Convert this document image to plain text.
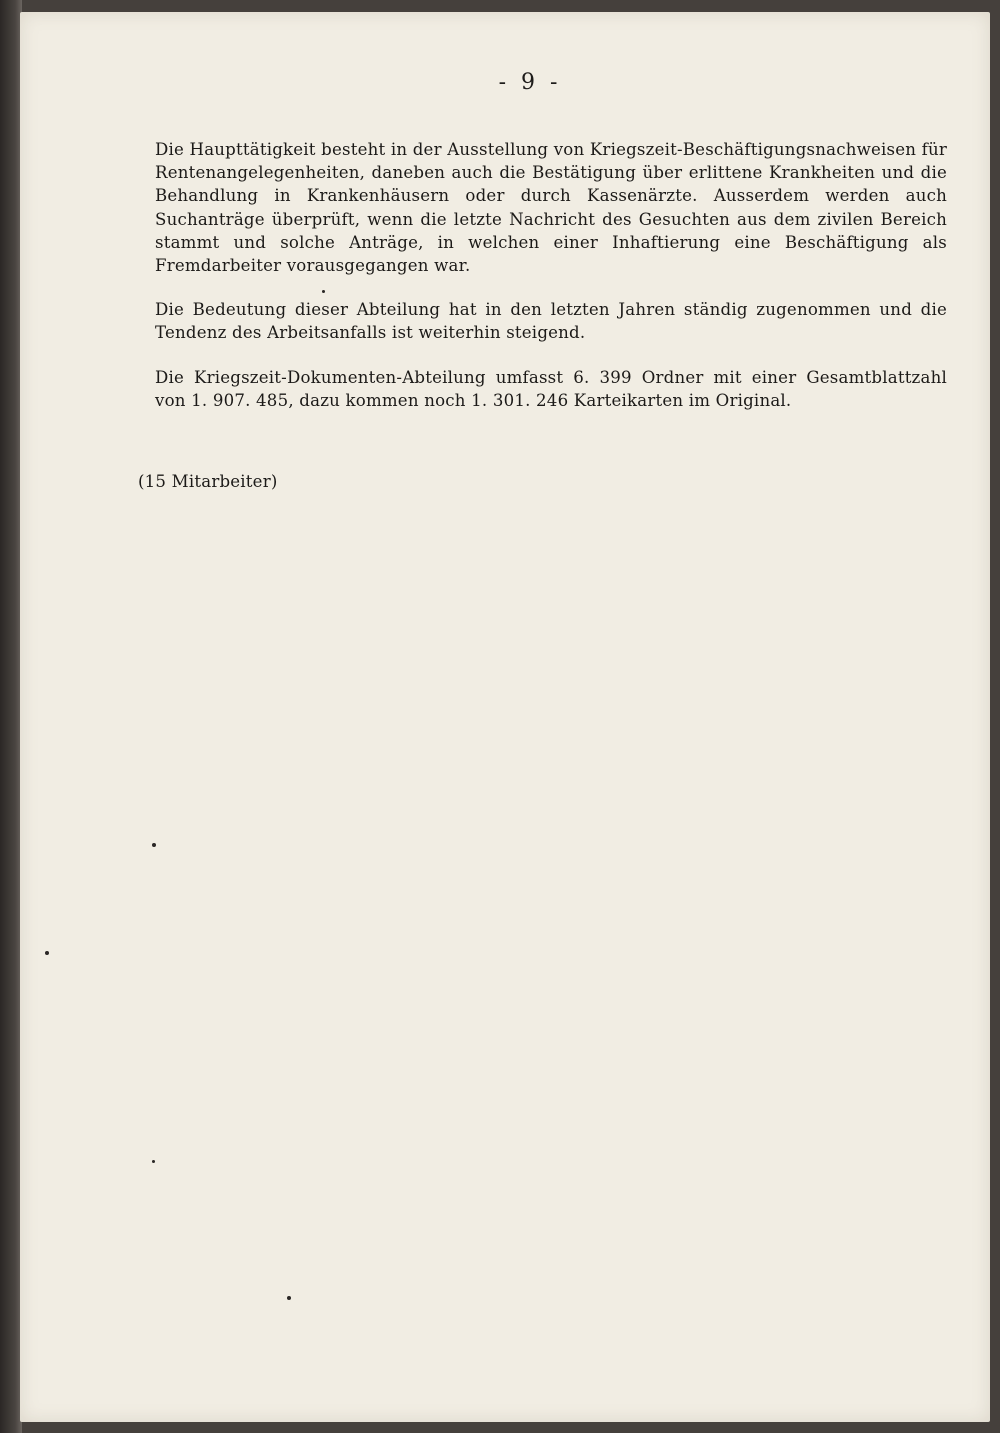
- 9 -

Die Haupttätigkeit besteht in der Ausstellung von Kriegszeit-Beschäftigungsnachweisen für Rentenangelegenheiten, daneben auch die Bestätigung über erlittene Krankheiten und die Behandlung in Krankenhäusern oder durch Kassenärzte. Ausserdem werden auch Suchanträge überprüft, wenn die letzte Nachricht des Gesuchten aus dem zivilen Bereich stammt und solche Anträge, in welchen einer Inhaftierung eine Beschäftigung als Fremdarbeiter vorausgegangen war.

Die Bedeutung dieser Abteilung hat in den letzten Jahren ständig zugenommen und die Tendenz des Arbeitsanfalls ist weiterhin steigend.

Die Kriegszeit-Dokumenten-Abteilung umfasst 6. 399 Ordner mit einer Gesamtblattzahl von 1. 907. 485, dazu kommen noch 1. 301. 246 Karteikarten im Original.

(15 Mitarbeiter)
